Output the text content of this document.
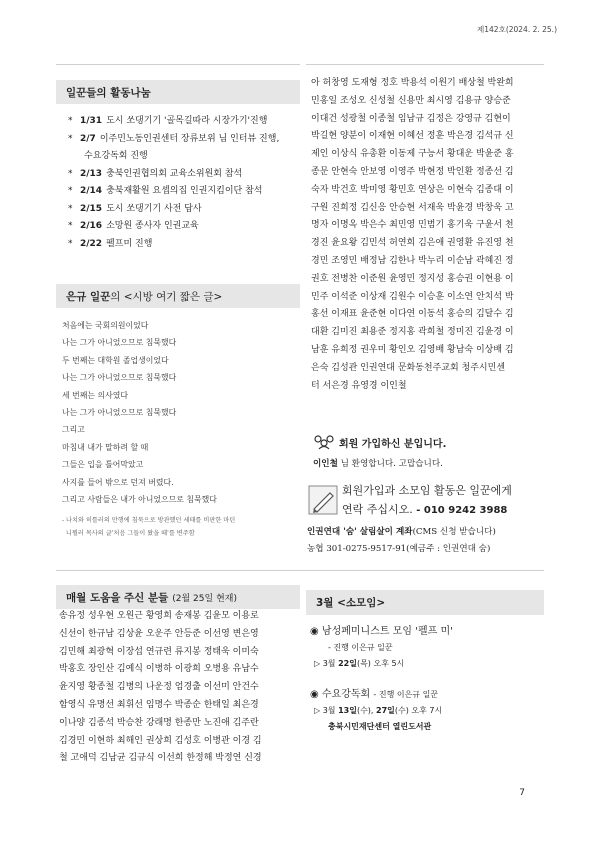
제142호(2024. 2. 25.)
일꾼들의 활동나눔
* 1/31 도시 쏘댕기기 '골목길따라 시장가기'진행
* 2/7 이주민노동인권센터 장류보위 님 인터뷰 진행,
수요강독회 진행
* 2/13 충북인권협의회 교육소위원회 참석
* 2/14 충북재활원 요셉의집 인권지킴이단 참석
* 2/15 도시 쏘댕기기 사전 답사
* 2/16 소망원 종사자 인권교육
* 2/22 펠프미 진행
은규 일꾼 의 <시방 여기 짧은 글>
처음에는 국회의원이었다
나는 그가 아니었으므로 침묵했다
두 번째는 대학원 졸업생이었다
나는 그가 아니었으므로 침묵했다
세 번째는 의사였다
나는 그가 아니었으므로 침묵했다
그리고
마침내 내가 말하려 할 때
그들은 입을 틀어막았고
사지를 들어 밖으로 던져 버렸다.
그리고 사람들은 내가 아니었으므로 침묵했다
- 나치와 히틀러의 만행에 침묵으로 방관했던 세태를 비판한 마틴
니묄러 목사의 글'처음 그들이 왔을 때'를 변주함
매월 도움을 주신 분들 (2월 25일 현재)
송유정 성우현 오원근 황영희 송재봉 김윤모 이용로
신선이 한규남 김상윤 오운주 안등준 이선영 변은영
김민해 최광혁 이장섭 연규련 류지봉 정태욱 이미숙
박홍호 장인산 김예식 이병하 이광희 오병용 유남수
윤지영 황종철 김병의 나운정 엄경출 이선미 안건수
함영식 유명선 최휘선 임명수 박종순 한태일 최은경
이나양 김종석 박승찬 강래명 한종만 노진애 김주란
김경민 이현하 최해인 권상희 김성호 이병관 이경 김
철 고애덕 김남균 김규식 이선희 한정해 박정연 신경
아 허창영 도재형 정호 박용석 이원기 배상철 박완희
민홍일 조성오 신성철 신용만 최시영 김용규 양승준
이대건 성광철 이종철 임남규 김정은 강영규 김현이
박길현 양분이 이재현 이혜선 정훈 박은경 김석규 신
제인 이상식 유총환 이동제 구능서 황대운 박윤준 홍
종문 안현숙 안보영 이영주 박현정 박인환 정종선 김
숙자 박건호 박미영 황민호 연상은 이현숙 김종대 이
구원 진희정 김신응 안승현 서재욱 박윤경 박창욱 고
명자 이명옥 박은수 최민영 민범기 홍기욱 구윤서 천
경진 윤요왕 김민석 허연희 김은애 권영환 유진영 천
경민 조영민 배정남 김한나 박누리 이순남 곽혜진 정
권호 전병찬 이준원 윤영민 정지성 홍승권 이현용 이
민주 이석준 이상재 김원수 이승훈 이소연 안치석 박
홍선 이재표 윤준현 이다연 이동석 홍승의 김달수 김
대환 김미진 최용준 정지홍 곽희철 정미진 김윤경 이
남훈 유희정 권우미 황인오 김영배 황남숙 이상배 김
은숙 김성관 인권연대 문화동천주교회 청주시민센
터 서은경 유영경 이인철
회원 가입하신 분입니다.
이인철 님 환영합니다. 고맙습니다.
회원가입과 소모임 활동은 일꾼에게
연락 주십시오. - 010 9242 3988
인권연대 '숨' 살림살이 계좌(CMS 신청 받습니다)
농협 301-0275-9517-91(예금주 : 인권연대 숨)
3월 <소모임>
◉ 남성페미니스트 모임 '펠프 미'
- 진행 이은규 일꾼
▷ 3월 22일(목) 오후 5시
◉ 수요강독회 - 진행 이은규 일꾼
▷ 3월 13일(수), 27일(수) 오후 7시
충북시민재단센터 열린도서관
7
